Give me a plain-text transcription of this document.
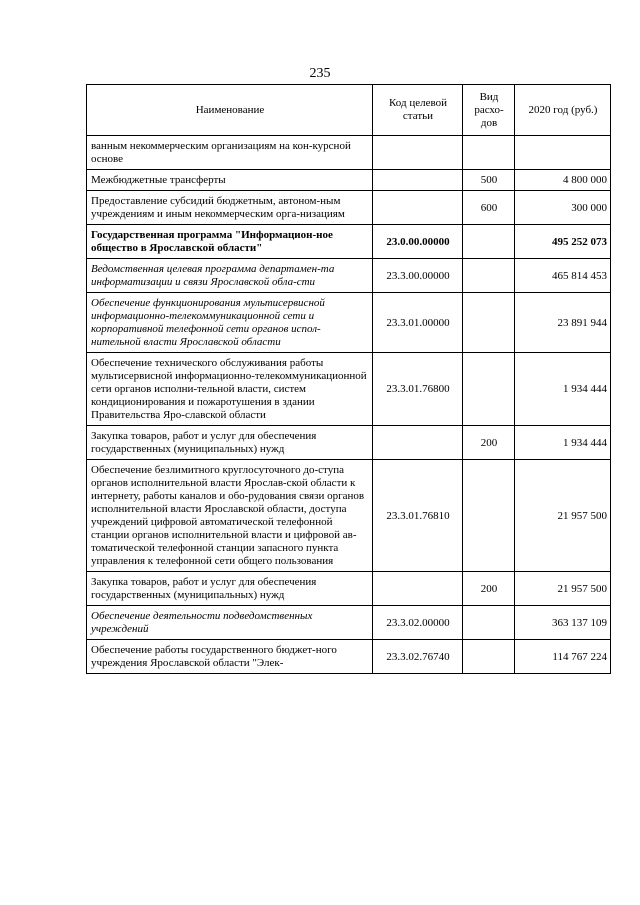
235
Наименование	Код целевой статьи	Вид расхо-дов	2020 год (руб.)
ванным некоммерческим организациям на кон-курсной основе			
Межбюджетные трансферты		500	4 800 000
Предоставление субсидий бюджетным, автоном-ным учреждениям и иным некоммерческим орга-низациям		600	300 000
Государственная программа "Информацион-ное общество в Ярославской области"	23.0.00.00000		495 252 073
Ведомственная целевая программа департамен-та информатизации и связи Ярославской обла-сти	23.3.00.00000		465 814 453
Обеспечение функционирования мультисервисной информационно-телекоммуникационной сети и корпоративной телефонной сети органов испол-нительной власти Ярославской области	23.3.01.00000		23 891 944
Обеспечение технического обслуживания работы мультисервисной информационно-телекоммуникационной сети органов исполни-тельной власти, систем кондиционирования и пожаротушения в здании Правительства Яро-славской области	23.3.01.76800		1 934 444
Закупка товаров, работ и услуг для обеспечения государственных (муниципальных) нужд		200	1 934 444
Обеспечение безлимитного круглосуточного до-ступа органов исполнительной власти Ярослав-ской области к интернету, работы каналов и обо-рудования связи органов исполнительной власти Ярославской области, доступа учреждений цифровой автоматической телефонной станции органов исполнительной власти и цифровой ав-томатической телефонной станции запасного пункта управления к телефонной сети общего пользования	23.3.01.76810		21 957 500
Закупка товаров, работ и услуг для обеспечения государственных (муниципальных) нужд		200	21 957 500
Обеспечение деятельности подведомственных учреждений	23.3.02.00000		363 137 109
Обеспечение работы государственного бюджет-ного учреждения Ярославской области "Элек-	23.3.02.76740		114 767 224
